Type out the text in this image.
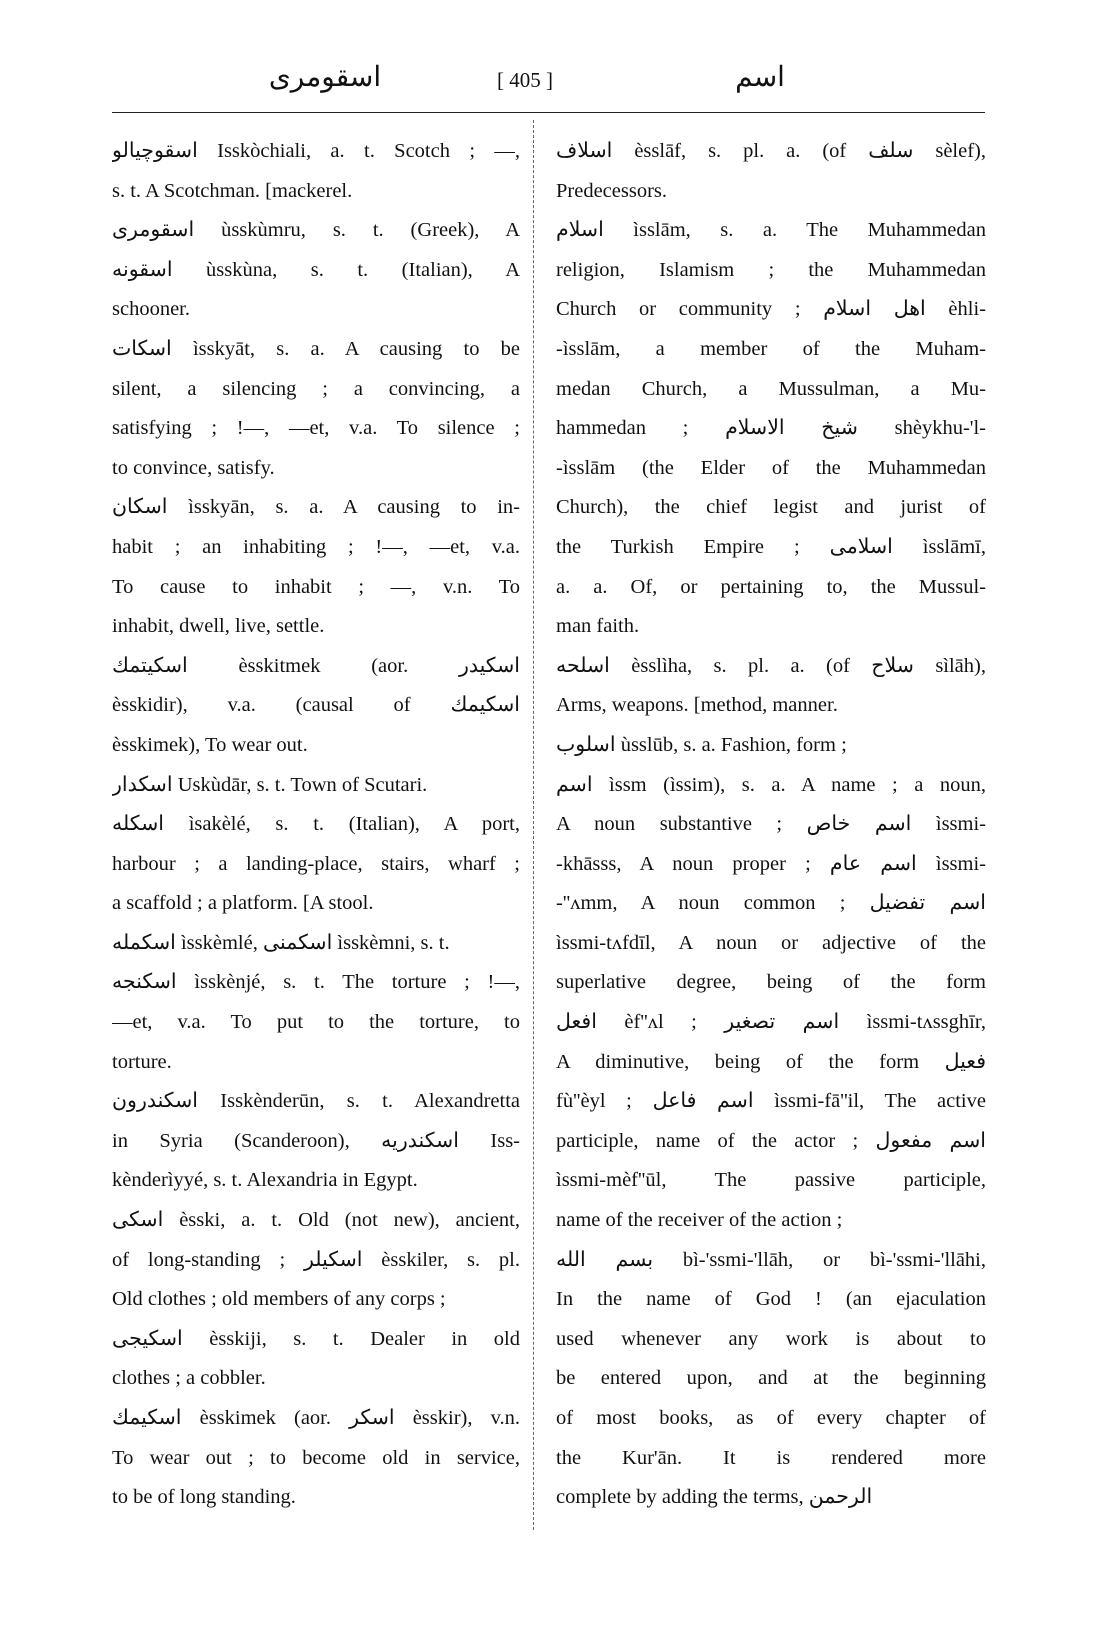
اسقومری	[ 405 ]	اسم
اسقوچیالو Isskòchiali, a. t. Scotch ; —,
s. t. A Scotchman. [mackerel.
اسقومری ùsskùmru, s. t. (Greek), A
اسقونه ùsskùna, s. t. (Italian), A
schooner.
اسکات ìsskyāt, s. a. A causing to be
silent, a silencing ; a convincing, a
satisfying ; !—, —et, v.a. To silence ;
to convince, satisfy.
اسکان ìsskyān, s. a. A causing to in-
habit ; an inhabiting ; !—, —et, v.a.
To cause to inhabit ; —, v.n. To
inhabit, dwell, live, settle.
اسکیتمك èsskitmek (aor. اسکیدر
èsskidir), v.a. (causal of اسکیمك
èsskimek), To wear out.
اسکدار Uskùdār, s. t. Town of Scutari.
اسکله ìsakèlé, s. t. (Italian), A port,
harbour ; a landing-place, stairs, wharf ;
a scaffold ; a platform. [A stool.
اسکمله ìsskèmlé, اسکمنی ìsskèmni, s. t.
اسکنجه ìsskènjé, s. t. The torture ; !—,
—et, v.a. To put to the torture, to
torture.
اسکندرون Isskènderūn, s. t. Alexandretta
in Syria (Scanderoon), اسکندریه Iss-
kènderìyyé, s. t. Alexandria in Egypt.
اسکی èsski, a. t. Old (not new), ancient,
of long-standing ; اسکیلر èsskilɐr, s. pl.
Old clothes ; old members of any corps ;
اسکیجی èsskiji, s. t. Dealer in old
clothes ; a cobbler.
اسکیمك èsskimek (aor. اسکر èsskir), v.n.
To wear out ; to become old in service,
to be of long standing.
اسلاف èsslāf, s. pl. a. (of سلف sèlef),
Predecessors.
اسلام ìsslām, s. a. The Muhammedan
religion, Islamism ; the Muhammedan
Church or community ; اهل اسلام èhli-
-ìsslām, a member of the Muham-
medan Church, a Mussulman, a Mu-
hammedan ; شیخ الاسلام shèykhu-'l-
-ìsslām (the Elder of the Muhammedan
Church), the chief legist and jurist of
the Turkish Empire ; اسلامی ìsslāmī,
a. a. Of, or pertaining to, the Mussul-
man faith.
اسلحه èsslìha, s. pl. a. (of سلاح sìlāh),
Arms, weapons. [method, manner.
اسلوب ùsslūb, s. a. Fashion, form ;
اسم ìssm (ìssim), s. a. A name ; a noun,
A noun substantive ; اسم خاص ìssmi-
-khāsss, A noun proper ; اسم عام ìssmi-
-''ʌmm, A noun common ; اسم تفضیل
ìssmi-tʌfdīl, A noun or adjective of the
superlative degree, being of the form
افعل èf''ʌl ; اسم تصغیر ìssmi-tʌssghīr,
A diminutive, being of the form فعیل
fù''èyl ; اسم فاعل ìssmi-fā''il, The active
participle, name of the actor ; اسم مفعول
ìssmi-mèf''ūl, The passive participle,
name of the receiver of the action ;
بسم الله bì-'ssmi-'llāh, or bì-'ssmi-'llāhi,
In the name of God ! (an ejaculation
used whenever any work is about to
be entered upon, and at the beginning
of most books, as of every chapter of
the Kur'ān. It is rendered more
complete by adding the terms, الرحمن
